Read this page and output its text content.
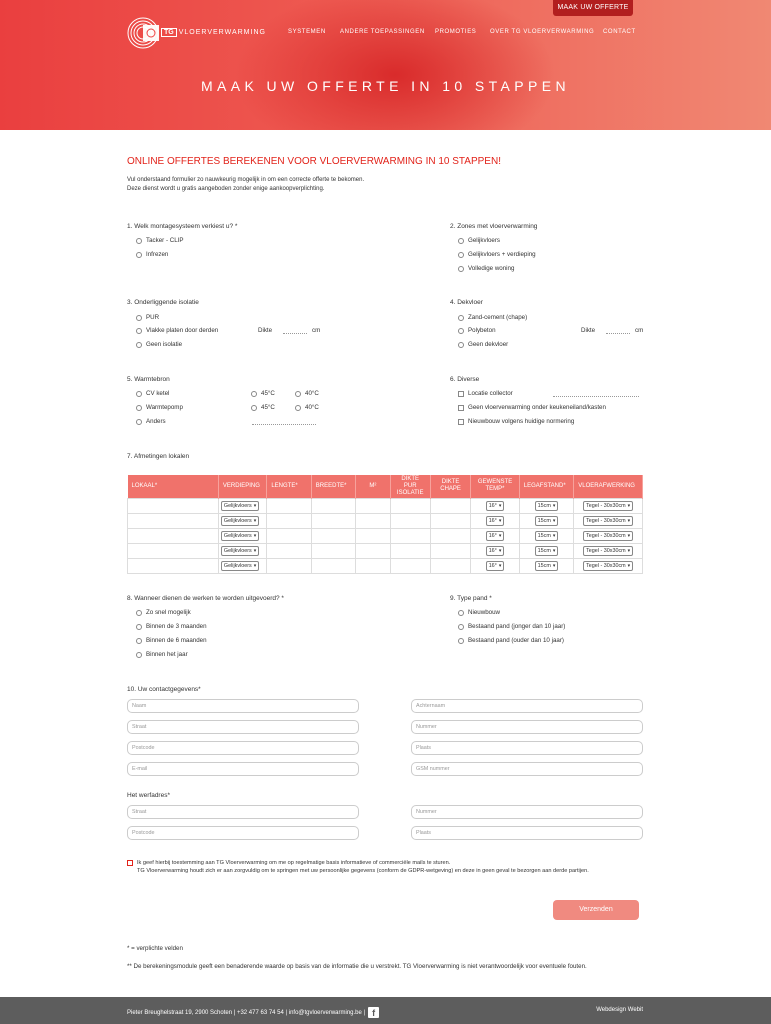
MAAK UW OFFERTE
TG VLOERVERWARMING	SYSTEMEN ANDERE TOEPASSINGEN PROMOTIES OVER TG VLOERVERWARMING CONTACT
MAAK UW OFFERTE IN 10 STAPPEN
ONLINE OFFERTES BEREKENEN VOOR VLOERVERWARMING IN 10 STAPPEN!
Vul onderstaand formulier zo nauwkeurig mogelijk in om een correcte offerte te bekomen.
Deze dienst wordt u gratis aangeboden zonder enige aankoopverplichting.
1. Welk montagesysteem verkiest u? *
Tacker - CLIP
Infrezen
2. Zones met vloerverwarming
Gelijkvloers
Gelijkvloers + verdieping
Volledige woning
3. Onderliggende isolatie
PUR
Vlakke platen door derden
Geen isolatie
Dikte	cm
4. Dekvloer
Zand-cement (chape)
Polybeton
Geen dekvloer
Dikte	cm
5. Warmtebron
CV ketel
Warmtepomp
Anders
45°C	40°C
45°C	40°C
6. Diverse
Locatie collector
Geen vloerverwarming onder keukeneiland/kasten
Nieuwbouw volgens huidige normering
7. Afmetingen lokalen
LOKAAL*	VERDIEPING	LENGTE*	BREEDTE*	M²	DIKTE PUR ISOLATIE	DIKTE CHAPE	GEWENSTE TEMP*	LEGAFSTAND*	VLOERAFWERKING
	Gelijkvloers ▾						16° ▾	15cm ▾	Tegel - 30x30cm ▾
	Gelijkvloers ▾						16° ▾	15cm ▾	Tegel - 30x30cm ▾
	Gelijkvloers ▾						16° ▾	15cm ▾	Tegel - 30x30cm ▾
	Gelijkvloers ▾						16° ▾	15cm ▾	Tegel - 30x30cm ▾
	Gelijkvloers ▾						16° ▾	15cm ▾	Tegel - 30x30cm ▾
8. Wanneer dienen de werken te worden uitgevoerd? *
Zo snel mogelijk
Binnen de 3 maanden
Binnen de 6 maanden
Binnen het jaar
9. Type pand *
Nieuwbouw
Bestaand pand (jonger dan 10 jaar)
Bestaand pand (ouder dan 10 jaar)
10. Uw contactgegevens*
Naam	Achternaam
Straat	Nummer
Postcode	Plaats
E-mail	GSM nummer
Het werfadres*
Straat	Nummer
Postcode	Plaats
Ik geef hierbij toestemming aan TG Vloerverwarming om me op regelmatige basis informatieve of commerciële mails te sturen.
TG Vloerverwarming houdt zich er aan zorgvuldig om te springen met uw persoonlijke gegevens (conform de GDPR-wetgeving) en deze in geen geval te bezorgen aan derde partijen.
Verzenden
* = verplichte velden
** De berekeningsmodule geeft een benaderende waarde op basis van de informatie die u verstrekt. TG Vloerverwarming is niet verantwoordelijk voor eventuele fouten.
Pieter Breughelstraat 19, 2900 Schoten | +32 477 63 74 54 | info@tgvloerverwarming.be | f	Webdesign Webit
